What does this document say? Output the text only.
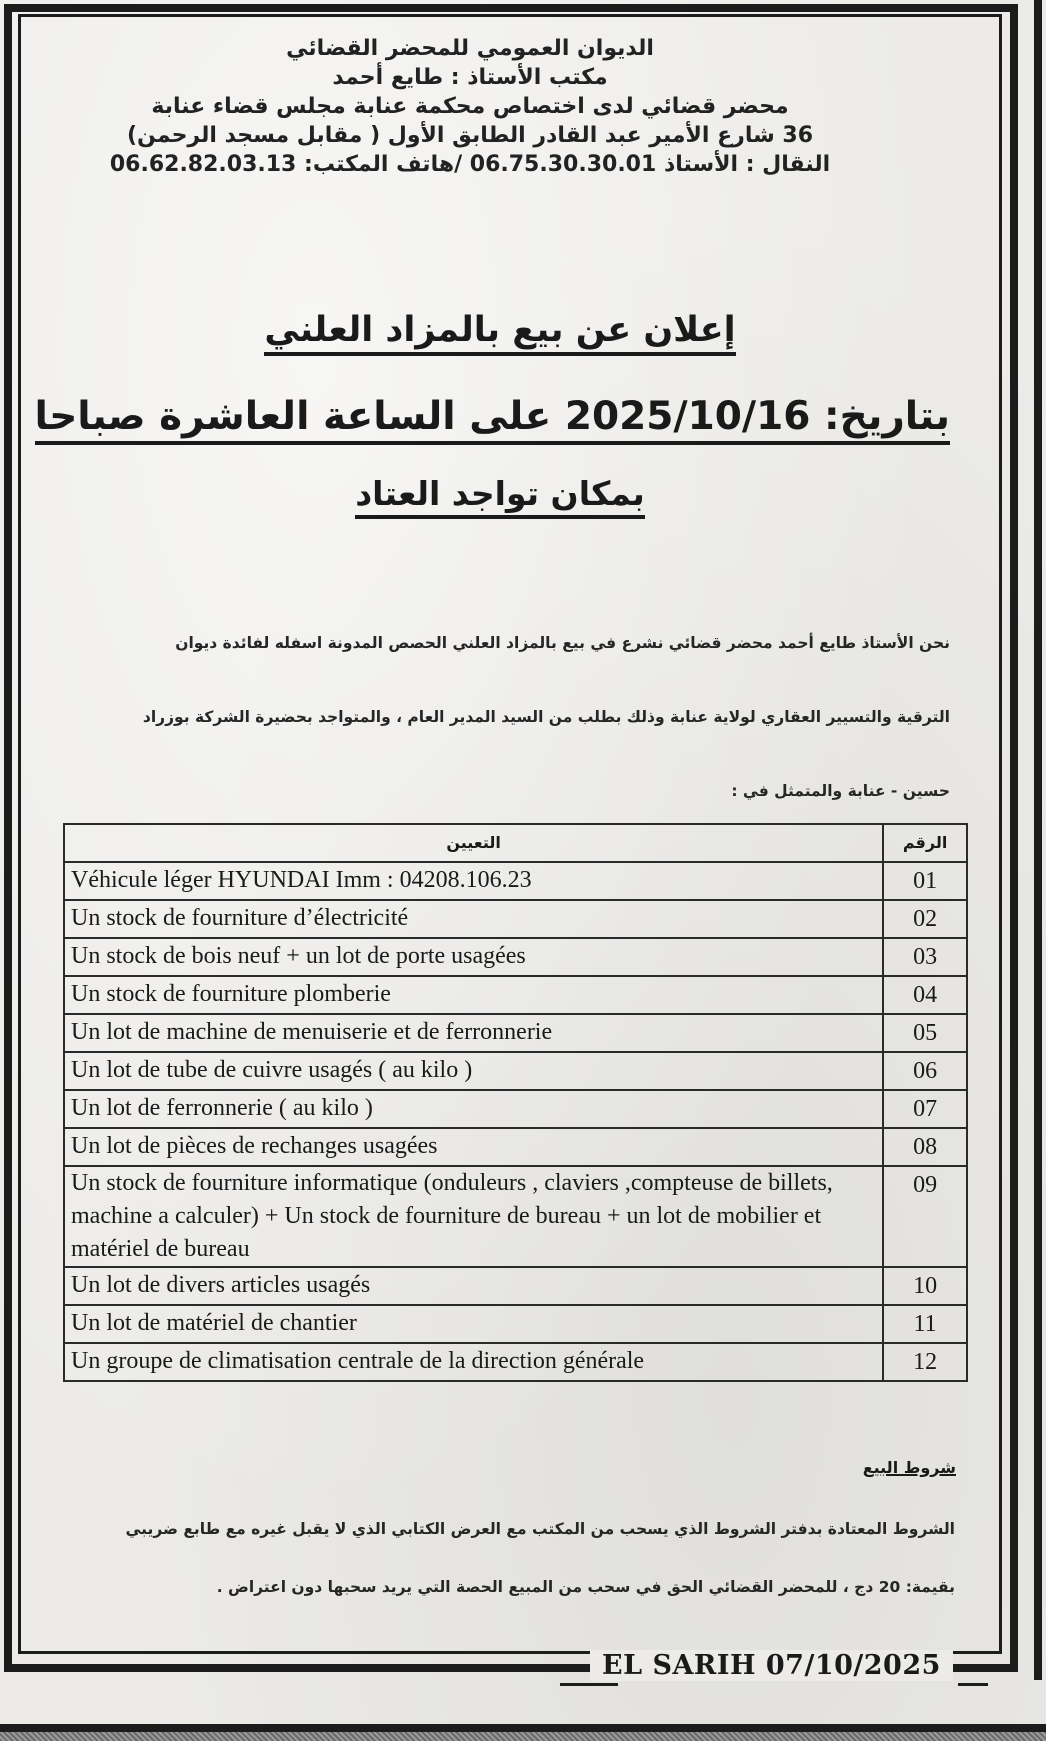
الديوان العمومي للمحضر القضائي
مكتب الأستاذ : طايع أحمد
محضر قضائي لدى اختصاص محكمة عنابة مجلس قضاء عنابة
36 شارع الأمير عبد القادر الطابق الأول ( مقابل مسجد الرحمن)
النقال : الأستاذ 06.75.30.30.01 /هاتف المكتب: 06.62.82.03.13
إعلان عن بيع بالمزاد العلني
بتاريخ: 2025/10/16 على الساعة العاشرة صباحا
بمكان تواجد العتاد
نحن الأستاذ طايع أحمد محضر قضائي نشرع في بيع بالمزاد العلني الحصص المدونة اسفله لفائدة ديوان
الترقية والتسيير العقاري لولاية عنابة وذلك بطلب من السيد المدير العام ، والمتواجد بحضيرة الشركة بوزراد
حسين - عنابة والمتمثل في :
التعيين	الرقم
Véhicule léger HYUNDAI Imm : 04208.106.23	01
Un stock de fourniture d’électricité	02
Un stock de bois neuf + un lot de porte usagées	03
Un stock de fourniture plomberie	04
Un lot de machine de menuiserie et de ferronnerie	05
Un lot de tube de cuivre usagés ( au kilo )	06
Un lot de ferronnerie ( au kilo )	07
Un lot de pièces de rechanges usagées	08
Un stock de fourniture informatique (onduleurs , claviers ,compteuse de billets, machine a calculer) + Un stock de fourniture de bureau + un lot de mobilier et matériel de bureau	09
Un lot de divers articles usagés	10
Un lot de matériel de chantier	11
Un groupe de climatisation centrale de la direction générale	12
شروط البيع
الشروط المعتادة بدفتر الشروط الذي يسحب من المكتب مع العرض الكتابي الذي لا يقبل غيره مع طابع ضريبي
بقيمة: 20 دج ، للمحضر القضائي الحق في سحب من المبيع الحصة التي يريد سحبها دون اعتراض .
EL SARIH 07/10/2025
